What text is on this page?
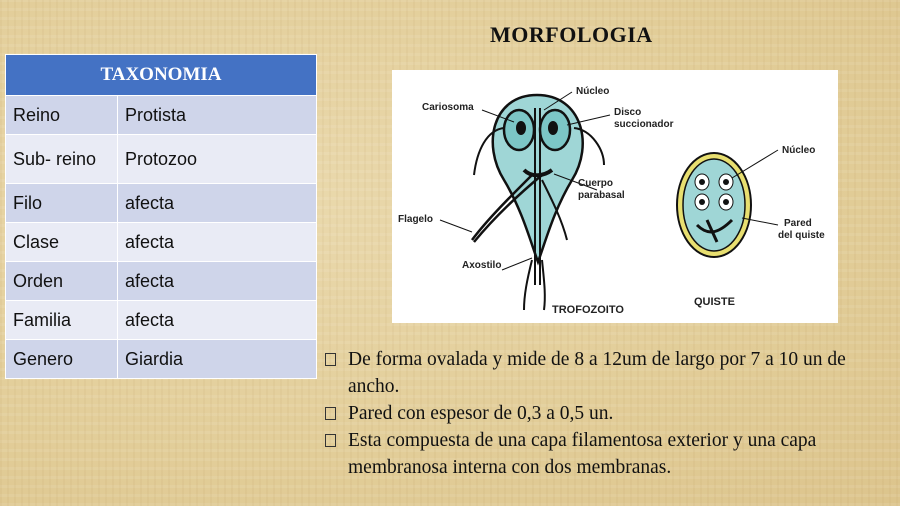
MORFOLOGIA
TAXONOMIA	
Reino	Protista
Sub- reino	Protozoo
Filo	afecta
Clase	afecta
Orden	afecta
Familia	afecta
Genero	Giardia
Núcleo
Cariosoma	Disco
succionador
Cuerpo
parabasal
Flagelo
Axostilo
TROFOZOITO
Núcleo
Pared
del quiste
QUISTE
De forma ovalada y mide de 8 a 12um de largo por 7 a 10 un de ancho.
Pared con espesor de 0,3 a 0,5 un.
Esta compuesta de una capa filamentosa exterior y una capa membranosa interna con dos membranas.
